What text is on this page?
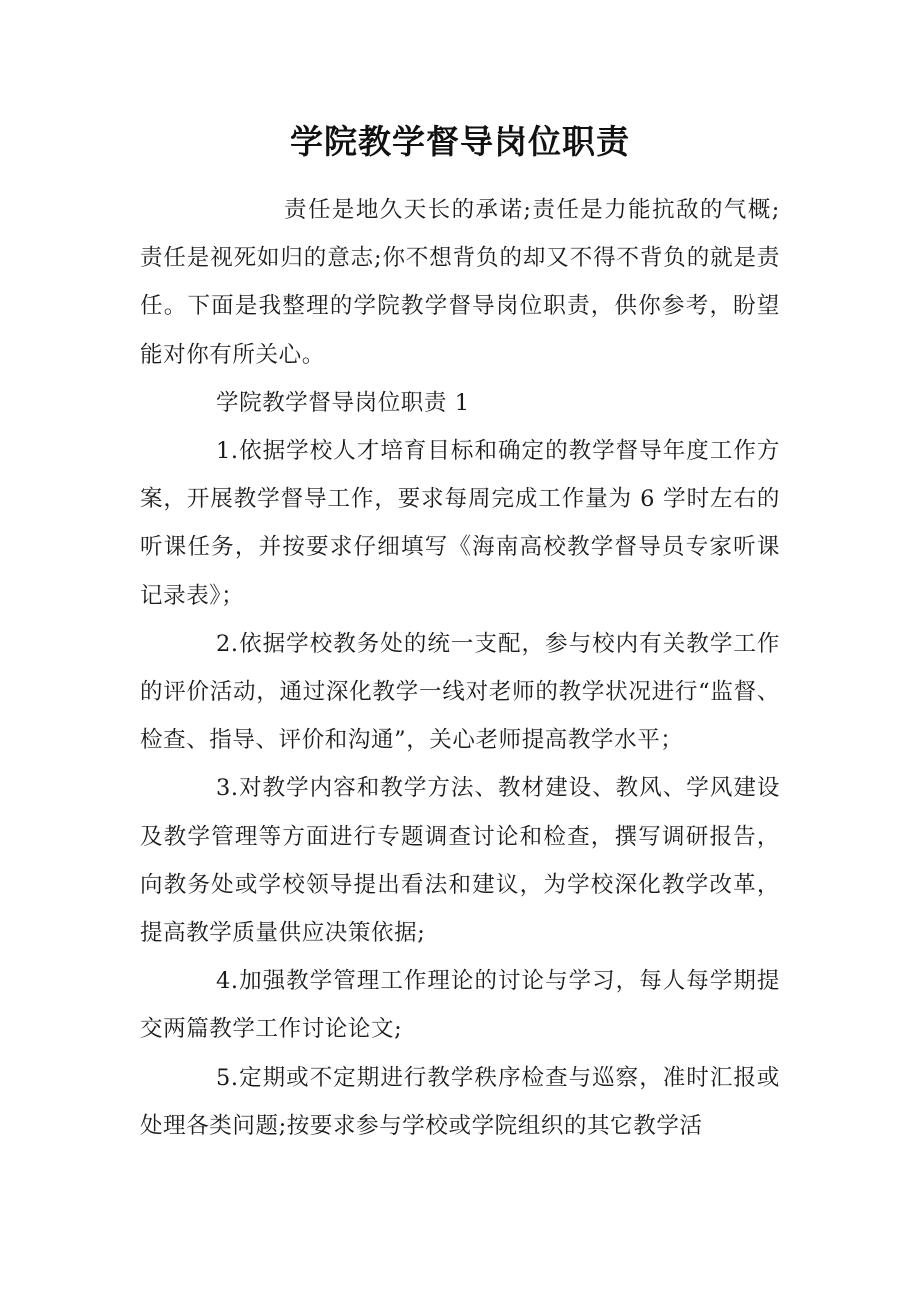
学院教学督导岗位职责

责任是地久天长的承诺;责任是力能抗敌的气概;责任是视死如归的意志;你不想背负的却又不得不背负的就是责任。下面是我整理的学院教学督导岗位职责，供你参考，盼望能对你有所关心。

学院教学督导岗位职责 1

1.依据学校人才培育目标和确定的教学督导年度工作方案，开展教学督导工作，要求每周完成工作量为 6 学时左右的听课任务，并按要求仔细填写《海南高校教学督导员专家听课记录表》；

2.依据学校教务处的统一支配，参与校内有关教学工作的评价活动，通过深化教学一线对老师的教学状况进行“监督、检查、指导、评价和沟通”，关心老师提高教学水平；

3.对教学内容和教学方法、教材建设、教风、学风建设及教学管理等方面进行专题调查讨论和检查，撰写调研报告，向教务处或学校领导提出看法和建议，为学校深化教学改革，提高教学质量供应决策依据;

4.加强教学管理工作理论的讨论与学习，每人每学期提交两篇教学工作讨论论文;

5.定期或不定期进行教学秩序检查与巡察，准时汇报或处理各类问题;按要求参与学校或学院组织的其它教学活
